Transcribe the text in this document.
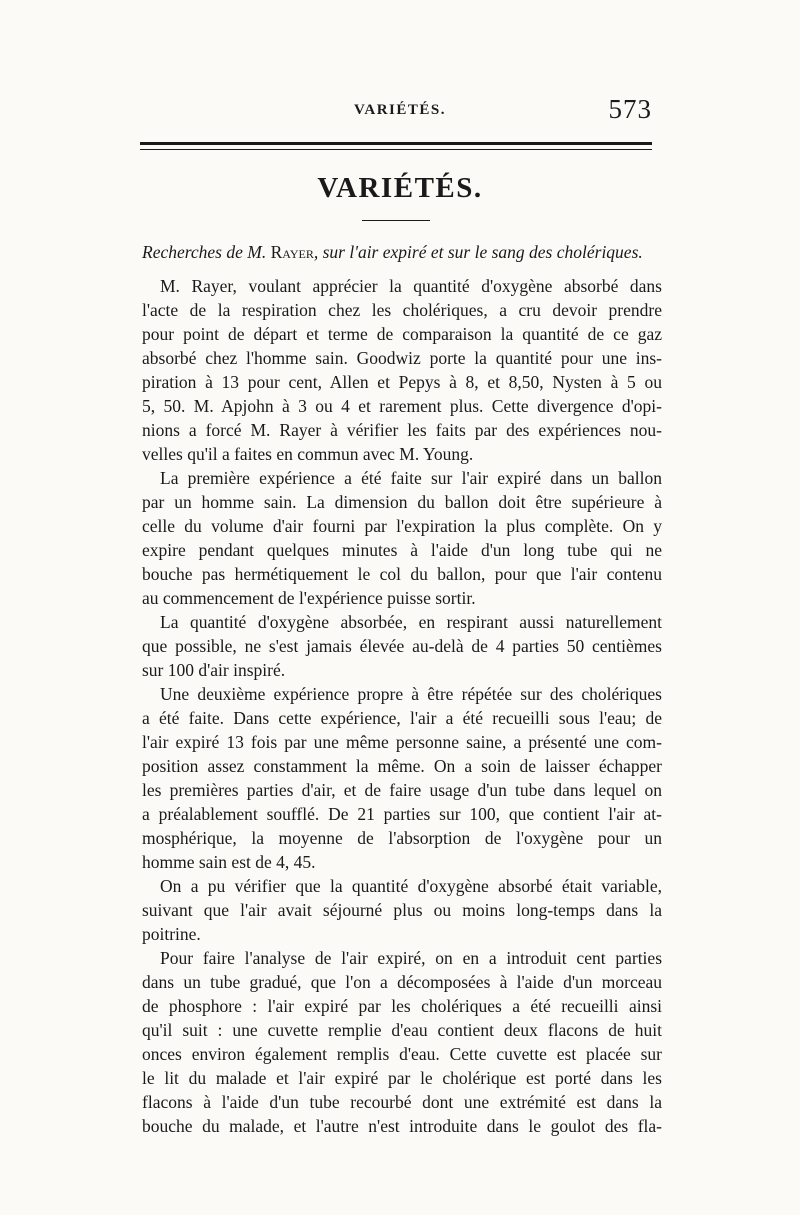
VARIÉTÉS.	573
VARIÉTÉS.
Recherches de M. Rayer, sur l'air expiré et sur le sang des cholériques.
M. Rayer, voulant apprécier la quantité d'oxygène absorbé dans
l'acte de la respiration chez les cholériques, a cru devoir prendre
pour point de départ et terme de comparaison la quantité de ce gaz
absorbé chez l'homme sain. Goodwiz porte la quantité pour une ins-
piration à 13 pour cent, Allen et Pepys à 8, et 8,50, Nysten à 5 ou
5, 50. M. Apjohn à 3 ou 4 et rarement plus. Cette divergence d'opi-
nions a forcé M. Rayer à vérifier les faits par des expériences nou-
velles qu'il a faites en commun avec M. Young.
La première expérience a été faite sur l'air expiré dans un ballon
par un homme sain. La dimension du ballon doit être supérieure à
celle du volume d'air fourni par l'expiration la plus complète. On y
expire pendant quelques minutes à l'aide d'un long tube qui ne
bouche pas hermétiquement le col du ballon, pour que l'air contenu
au commencement de l'expérience puisse sortir.
La quantité d'oxygène absorbée, en respirant aussi naturellement
que possible, ne s'est jamais élevée au-delà de 4 parties 50 centièmes
sur 100 d'air inspiré.
Une deuxième expérience propre à être répétée sur des cholériques
a été faite. Dans cette expérience, l'air a été recueilli sous l'eau; de
l'air expiré 13 fois par une même personne saine, a présenté une com-
position assez constamment la même. On a soin de laisser échapper
les premières parties d'air, et de faire usage d'un tube dans lequel on
a préalablement soufflé. De 21 parties sur 100, que contient l'air at-
mosphérique, la moyenne de l'absorption de l'oxygène pour un
homme sain est de 4, 45.
On a pu vérifier que la quantité d'oxygène absorbé était variable,
suivant que l'air avait séjourné plus ou moins long-temps dans la
poitrine.
Pour faire l'analyse de l'air expiré, on en a introduit cent parties
dans un tube gradué, que l'on a décomposées à l'aide d'un morceau
de phosphore : l'air expiré par les cholériques a été recueilli ainsi
qu'il suit : une cuvette remplie d'eau contient deux flacons de huit
onces environ également remplis d'eau. Cette cuvette est placée sur
le lit du malade et l'air expiré par le cholérique est porté dans les
flacons à l'aide d'un tube recourbé dont une extrémité est dans la
bouche du malade, et l'autre n'est introduite dans le goulot des fla-
